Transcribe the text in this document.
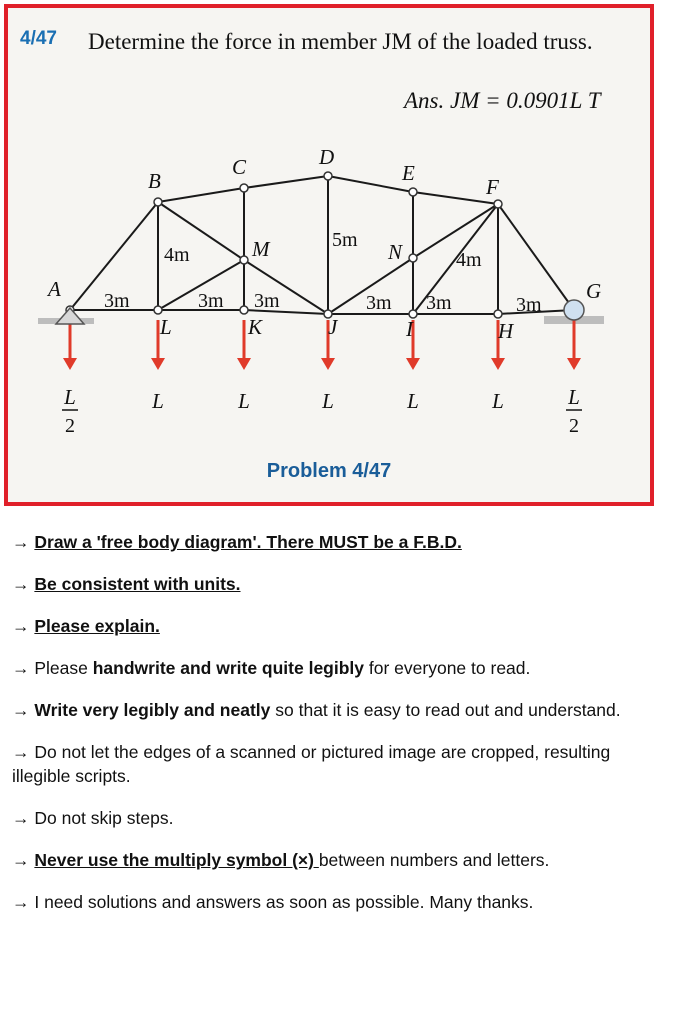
4/47 Determine the force in member JM of the loaded truss.
Ans. JM = 0.0901L T
A
B
C	D
E
F
G
H
I
J
K
L
M	N
3m	3m 3m	3m 3m	3m
4m	4m
5m
L
2
L	L	L	L	L	L
2
Problem 4/47

→ Draw a 'free body diagram'. There MUST be a F.B.D.

→ Be consistent with units.

→ Please explain.

→ Please handwrite and write quite legibly for everyone to read.

→ Write very legibly and neatly so that it is easy to read out and understand.

→ Do not let the edges of a scanned or pictured image are cropped, resulting illegible scripts.

→ Do not skip steps.

→ Never use the multiply symbol (×) between numbers and letters.

→ I need solutions and answers as soon as possible. Many thanks.
